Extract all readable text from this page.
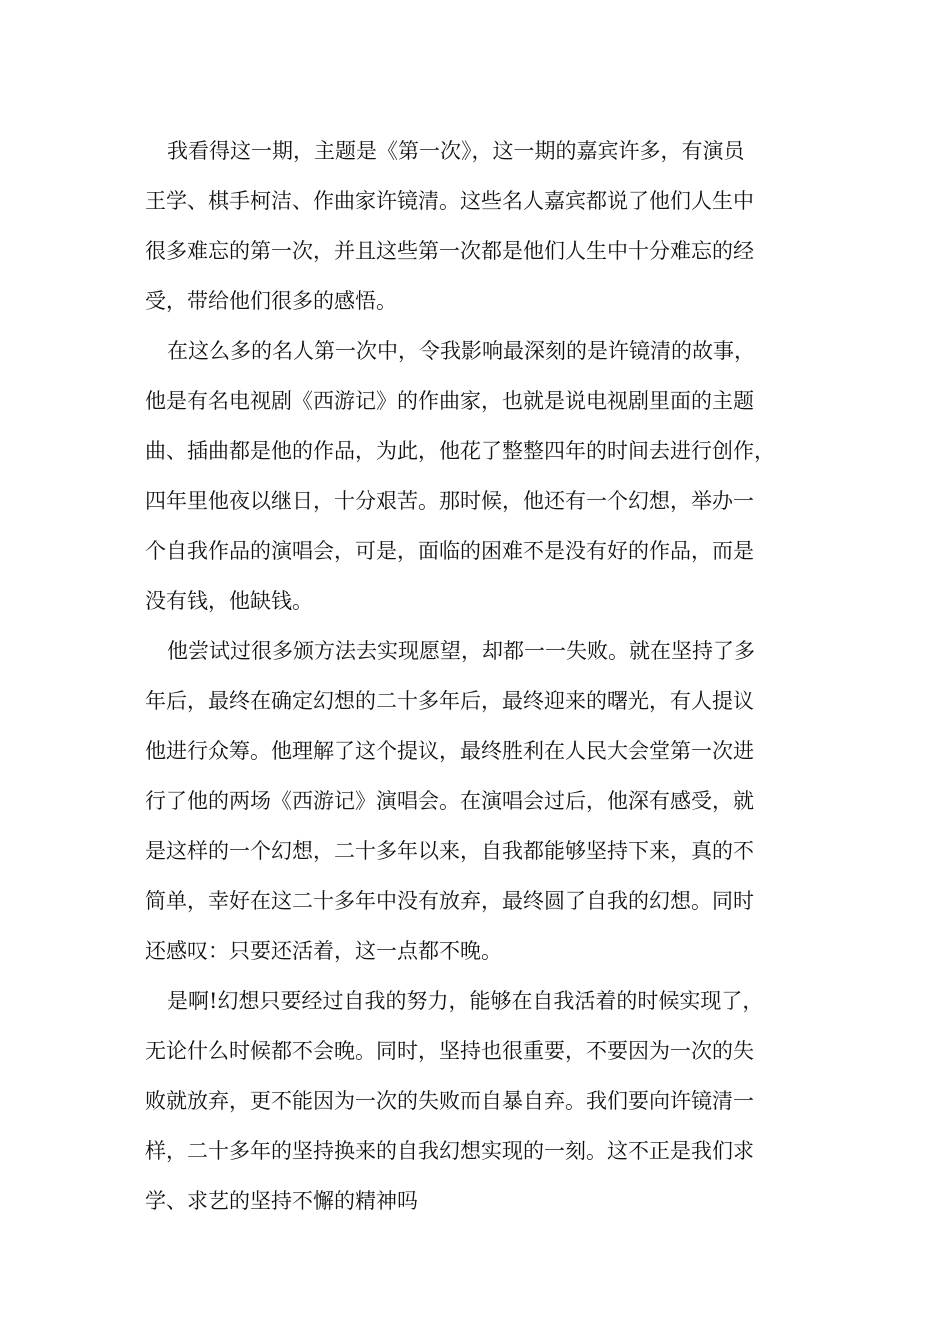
我看得这一期，主题是《第一次》，这一期的嘉宾许多，有演员
王学、棋手柯洁、作曲家许镜清。这些名人嘉宾都说了他们人生中
很多难忘的第一次，并且这些第一次都是他们人生中十分难忘的经
受，带给他们很多的感悟。
在这么多的名人第一次中，令我影响最深刻的是许镜清的故事，
他是有名电视剧《西游记》的作曲家，也就是说电视剧里面的主题
曲、插曲都是他的作品，为此，他花了整整四年的时间去进行创作，
四年里他夜以继日，十分艰苦。那时候，他还有一个幻想，举办一
个自我作品的演唱会，可是，面临的困难不是没有好的作品，而是
没有钱，他缺钱。
他尝试过很多颁方法去实现愿望，却都一一失败。就在坚持了多
年后，最终在确定幻想的二十多年后，最终迎来的曙光，有人提议
他进行众筹。他理解了这个提议，最终胜利在人民大会堂第一次进
行了他的两场《西游记》演唱会。在演唱会过后，他深有感受，就
是这样的一个幻想，二十多年以来，自我都能够坚持下来，真的不
简单，幸好在这二十多年中没有放弃，最终圆了自我的幻想。同时
还感叹：只要还活着，这一点都不晚。
是啊!幻想只要经过自我的努力，能够在自我活着的时候实现了，
无论什么时候都不会晚。同时，坚持也很重要，不要因为一次的失
败就放弃，更不能因为一次的失败而自暴自弃。我们要向许镜清一
样，二十多年的坚持换来的自我幻想实现的一刻。这不正是我们求
学、求艺的坚持不懈的精神吗
